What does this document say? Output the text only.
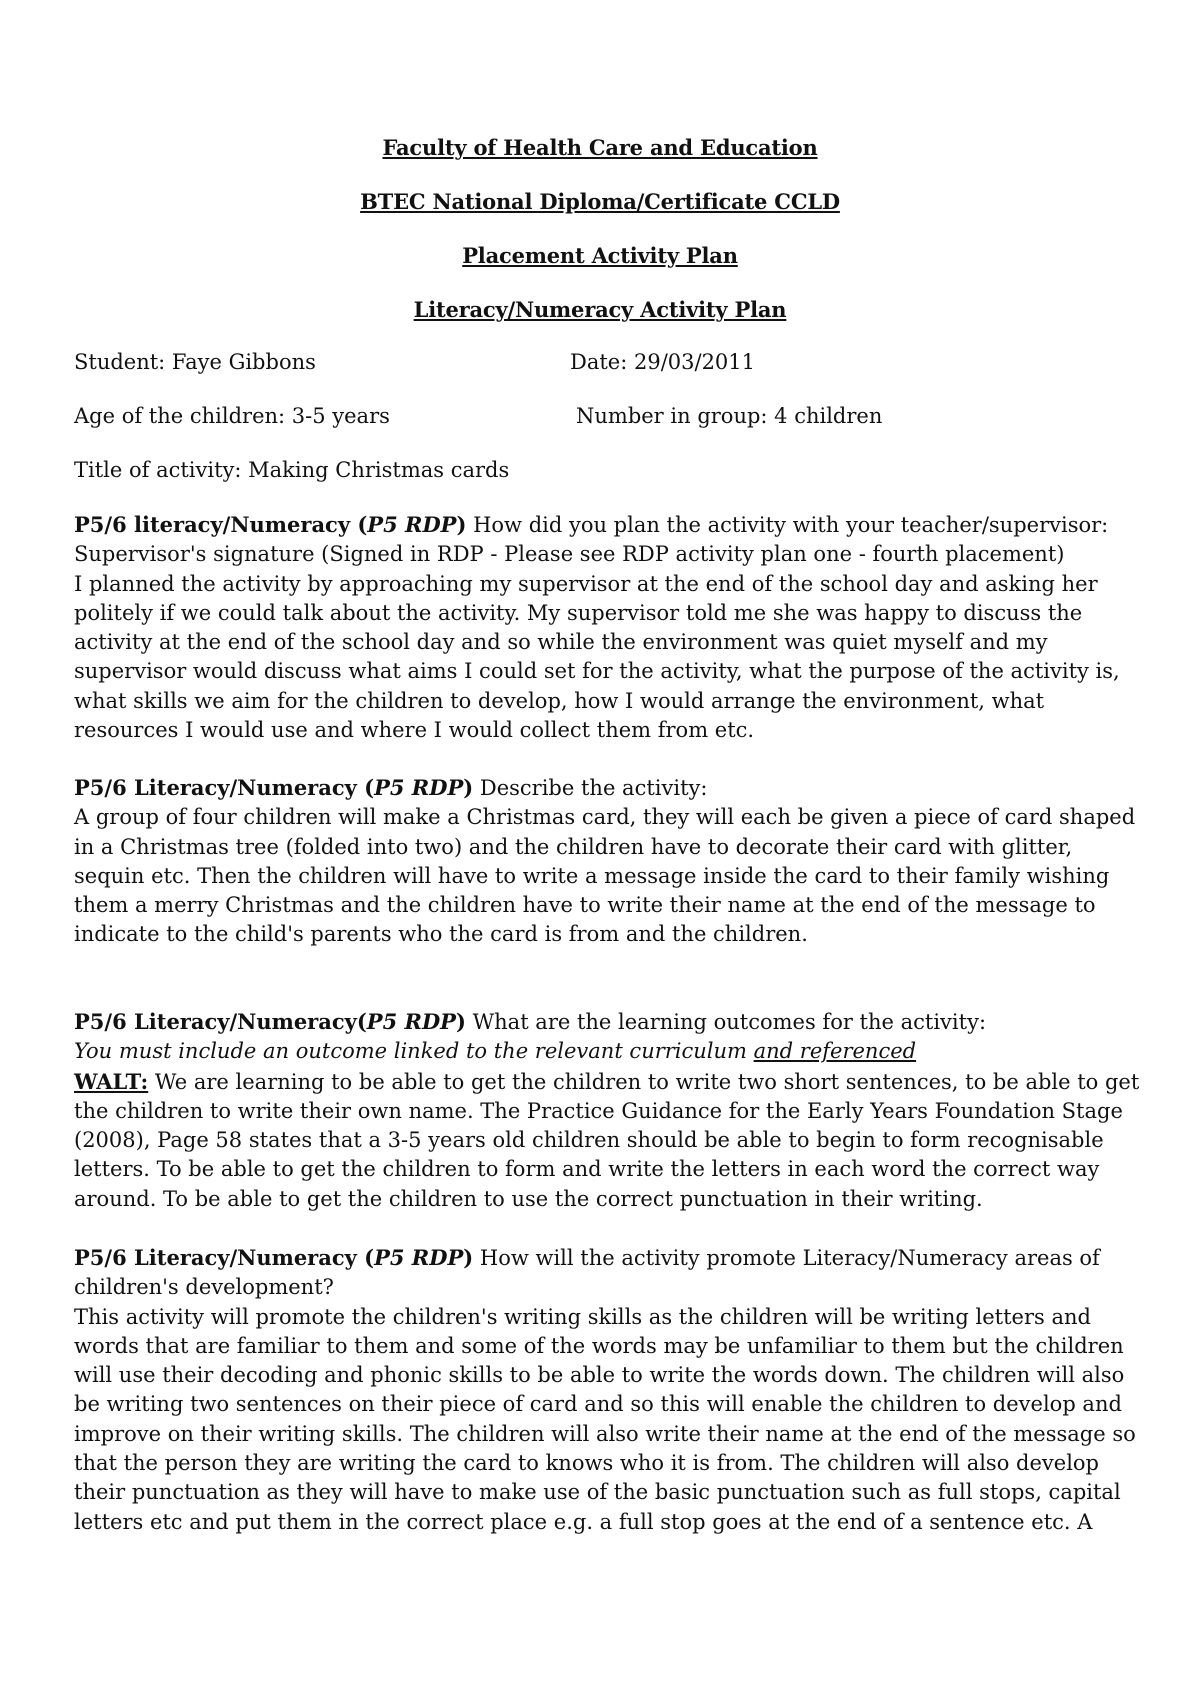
Faculty of Health Care and Education
BTEC National Diploma/Certificate CCLD
Placement Activity Plan
Literacy/Numeracy Activity Plan
Student: Faye Gibbons	Date: 29/03/2011
Age of the children: 3-5 years	Number in group: 4 children
Title of activity: Making Christmas cards

P5/6 literacy/Numeracy (P5 RDP) How did you plan the activity with your teacher/supervisor:

Supervisor's signature (Signed in RDP - Please see RDP activity plan one - fourth placement)

I planned the activity by approaching my supervisor at the end of the school day and asking her politely if we could talk about the activity. My supervisor told me she was happy to discuss the activity at the end of the school day and so while the environment was quiet myself and my supervisor would discuss what aims I could set for the activity, what the purpose of the activity is, what skills we aim for the children to develop, how I would arrange the environment, what resources I would use and where I would collect them from etc.

P5/6 Literacy/Numeracy (P5 RDP) Describe the activity:

A group of four children will make a Christmas card, they will each be given a piece of card shaped in a Christmas tree (folded into two) and the children have to decorate their card with glitter, sequin etc. Then the children will have to write a message inside the card to their family wishing them a merry Christmas and the children have to write their name at the end of the message to indicate to the child's parents who the card is from and the children.

P5/6 Literacy/Numeracy(P5 RDP) What are the learning outcomes for the activity:

You must include an outcome linked to the relevant curriculum and referenced

WALT: We are learning to be able to get the children to write two short sentences, to be able to get the children to write their own name. The Practice Guidance for the Early Years Foundation Stage (2008), Page 58 states that a 3-5 years old children should be able to begin to form recognisable letters. To be able to get the children to form and write the letters in each word the correct way around. To be able to get the children to use the correct punctuation in their writing.

P5/6 Literacy/Numeracy (P5 RDP) How will the activity promote Literacy/Numeracy areas of children's development?

This activity will promote the children's writing skills as the children will be writing letters and words that are familiar to them and some of the words may be unfamiliar to them but the children will use their decoding and phonic skills to be able to write the words down. The children will also be writing two sentences on their piece of card and so this will enable the children to develop and improve on their writing skills. The children will also write their name at the end of the message so that the person they are writing the card to knows who it is from. The children will also develop their punctuation as they will have to make use of the basic punctuation such as full stops, capital letters etc and put them in the correct place e.g. a full stop goes at the end of a sentence etc. A
